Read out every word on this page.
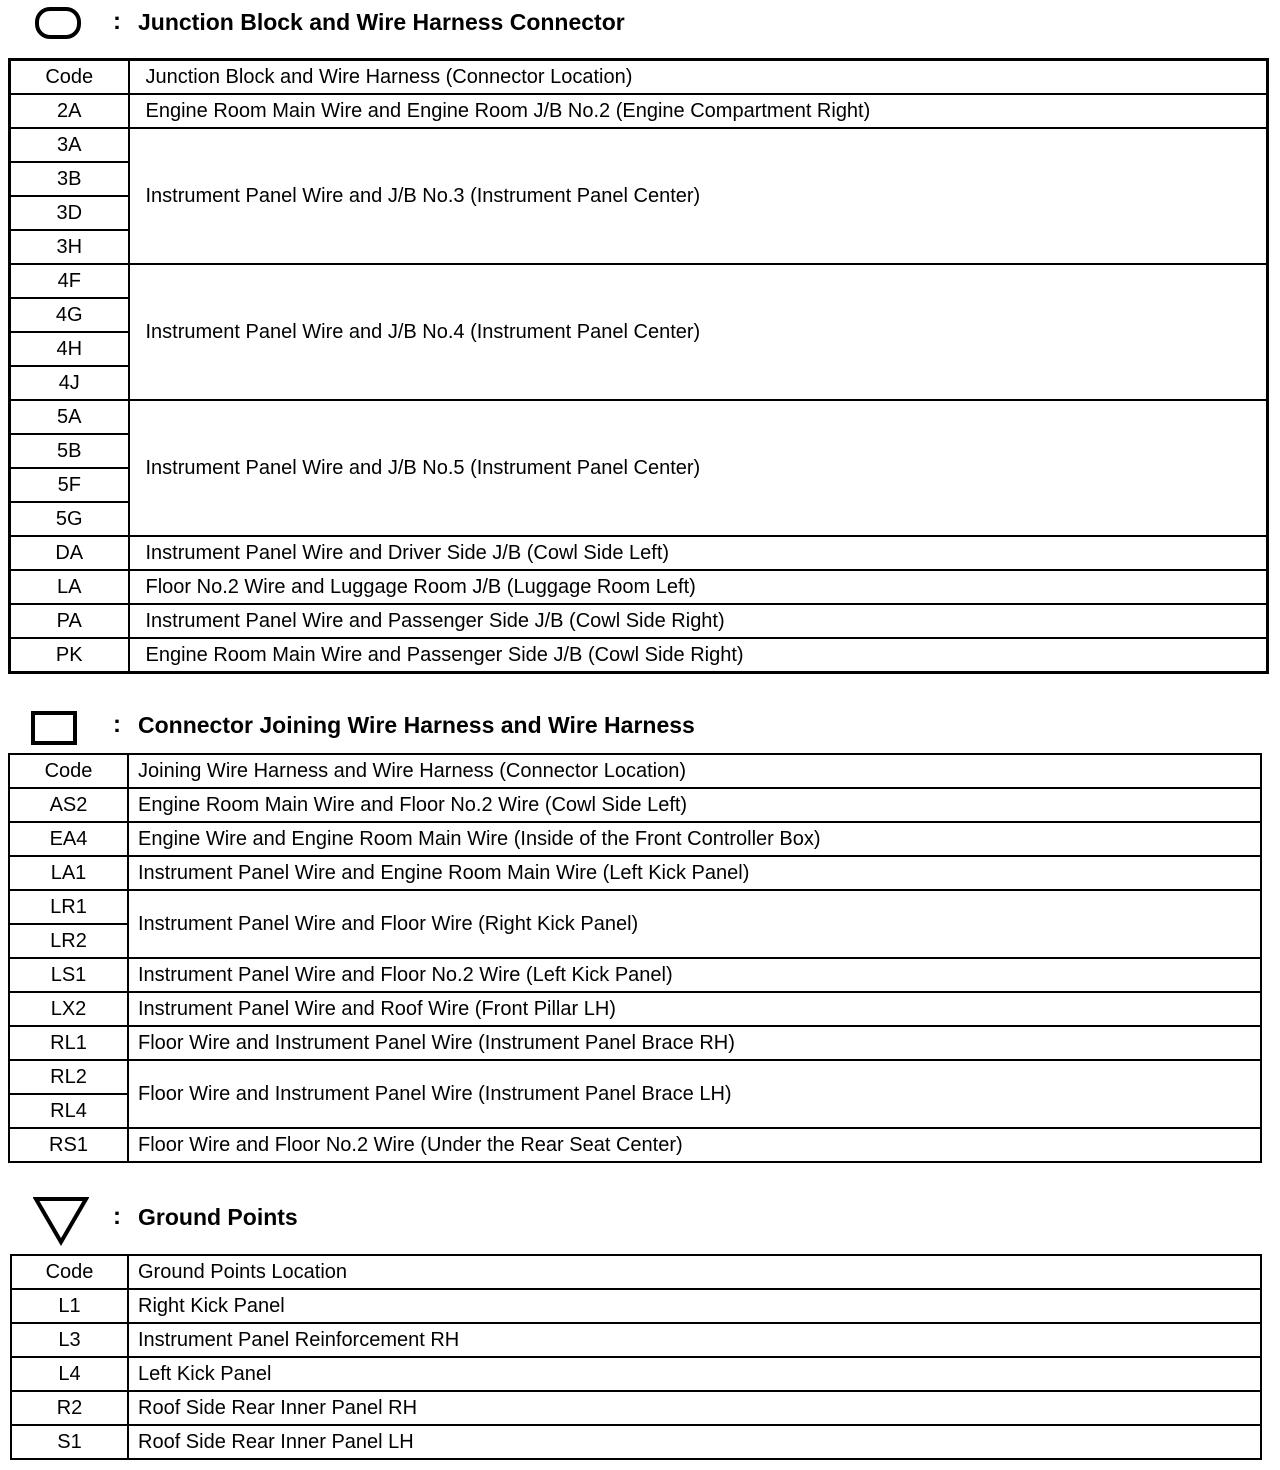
: Junction Block and Wire Harness Connector
Code	Junction Block and Wire Harness (Connector Location)
2A	Engine Room Main Wire and Engine Room J/B No.2 (Engine Compartment Right)
3A	Instrument Panel Wire and J/B No.3 (Instrument Panel Center)
3B	
3D	
3H	
4F	Instrument Panel Wire and J/B No.4 (Instrument Panel Center)
4G	
4H	
4J	
5A	Instrument Panel Wire and J/B No.5 (Instrument Panel Center)
5B	
5F	
5G	
DA	Instrument Panel Wire and Driver Side J/B (Cowl Side Left)
LA	Floor No.2 Wire and Luggage Room J/B (Luggage Room Left)
PA	Instrument Panel Wire and Passenger Side J/B (Cowl Side Right)
PK	Engine Room Main Wire and Passenger Side J/B (Cowl Side Right)
: Connector Joining Wire Harness and Wire Harness
Code	Joining Wire Harness and Wire Harness (Connector Location)
AS2	Engine Room Main Wire and Floor No.2 Wire (Cowl Side Left)
EA4	Engine Wire and Engine Room Main Wire (Inside of the Front Controller Box)
LA1	Instrument Panel Wire and Engine Room Main Wire (Left Kick Panel)
LR1	Instrument Panel Wire and Floor Wire (Right Kick Panel)
LR2	
LS1	Instrument Panel Wire and Floor No.2 Wire (Left Kick Panel)
LX2	Instrument Panel Wire and Roof Wire (Front Pillar LH)
RL1	Floor Wire and Instrument Panel Wire (Instrument Panel Brace RH)
RL2	Floor Wire and Instrument Panel Wire (Instrument Panel Brace LH)
RL4	
RS1	Floor Wire and Floor No.2 Wire (Under the Rear Seat Center)
: Ground Points
Code	Ground Points Location
L1	Right Kick Panel
L3	Instrument Panel Reinforcement RH
L4	Left Kick Panel
R2	Roof Side Rear Inner Panel RH
S1	Roof Side Rear Inner Panel LH
